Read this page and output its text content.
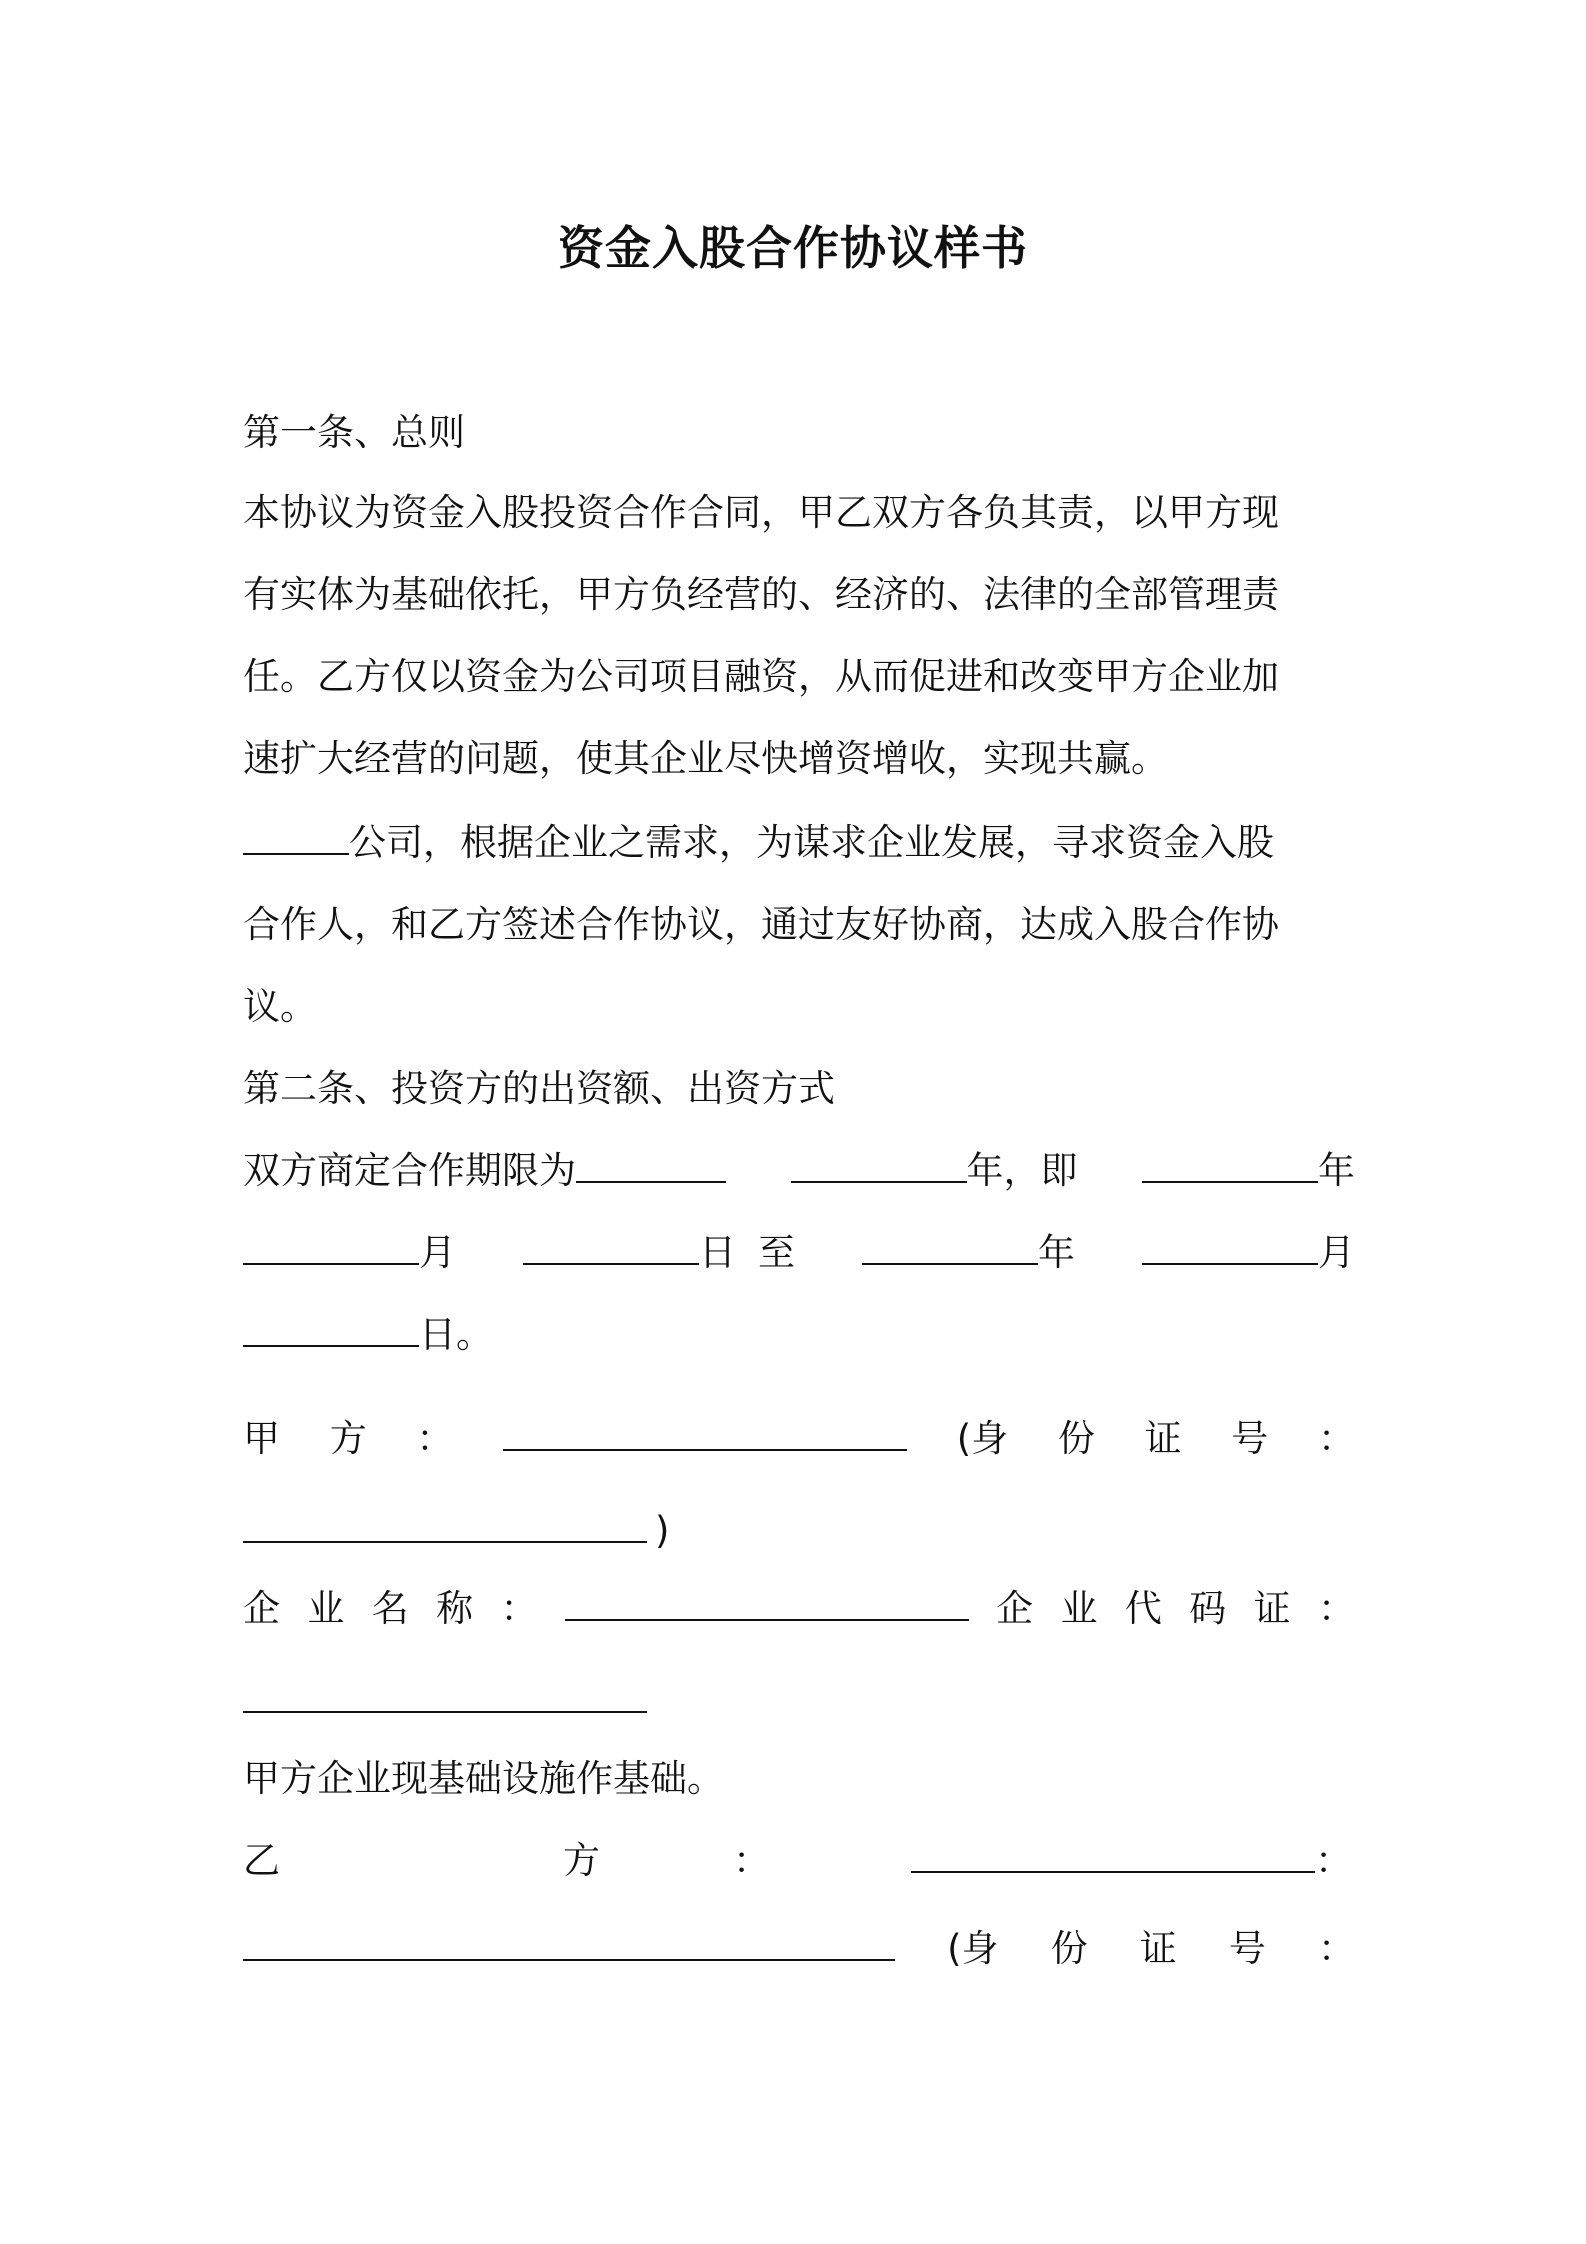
资金入股合作协议样书
第一条、总则
本协议为资金入股投资合作合同，甲乙双方各负其责，以甲方现
有实体为基础依托，甲方负经营的、经济的、法律的全部管理责
任。乙方仅以资金为公司项目融资，从而促进和改变甲方企业加
速扩大经营的问题，使其企业尽快增资增收，实现共赢。
公司，根据企业之需求，为谋求企业发展，寻求资金入股
合作人，和乙方签述合作协议，通过友好协商，达成入股合作协
议。
第二条、投资方的出资额、出资方式
双方商定合作期限为	年，即	年
月	日 至	年	月
日。
甲 方 ：	(身 份 证 号 ：
)
企 业 名 称 ：	企 业 代 码 证 ：
甲方企业现基础设施作基础。
乙	方	：	：
(身 份 证 号 ：
